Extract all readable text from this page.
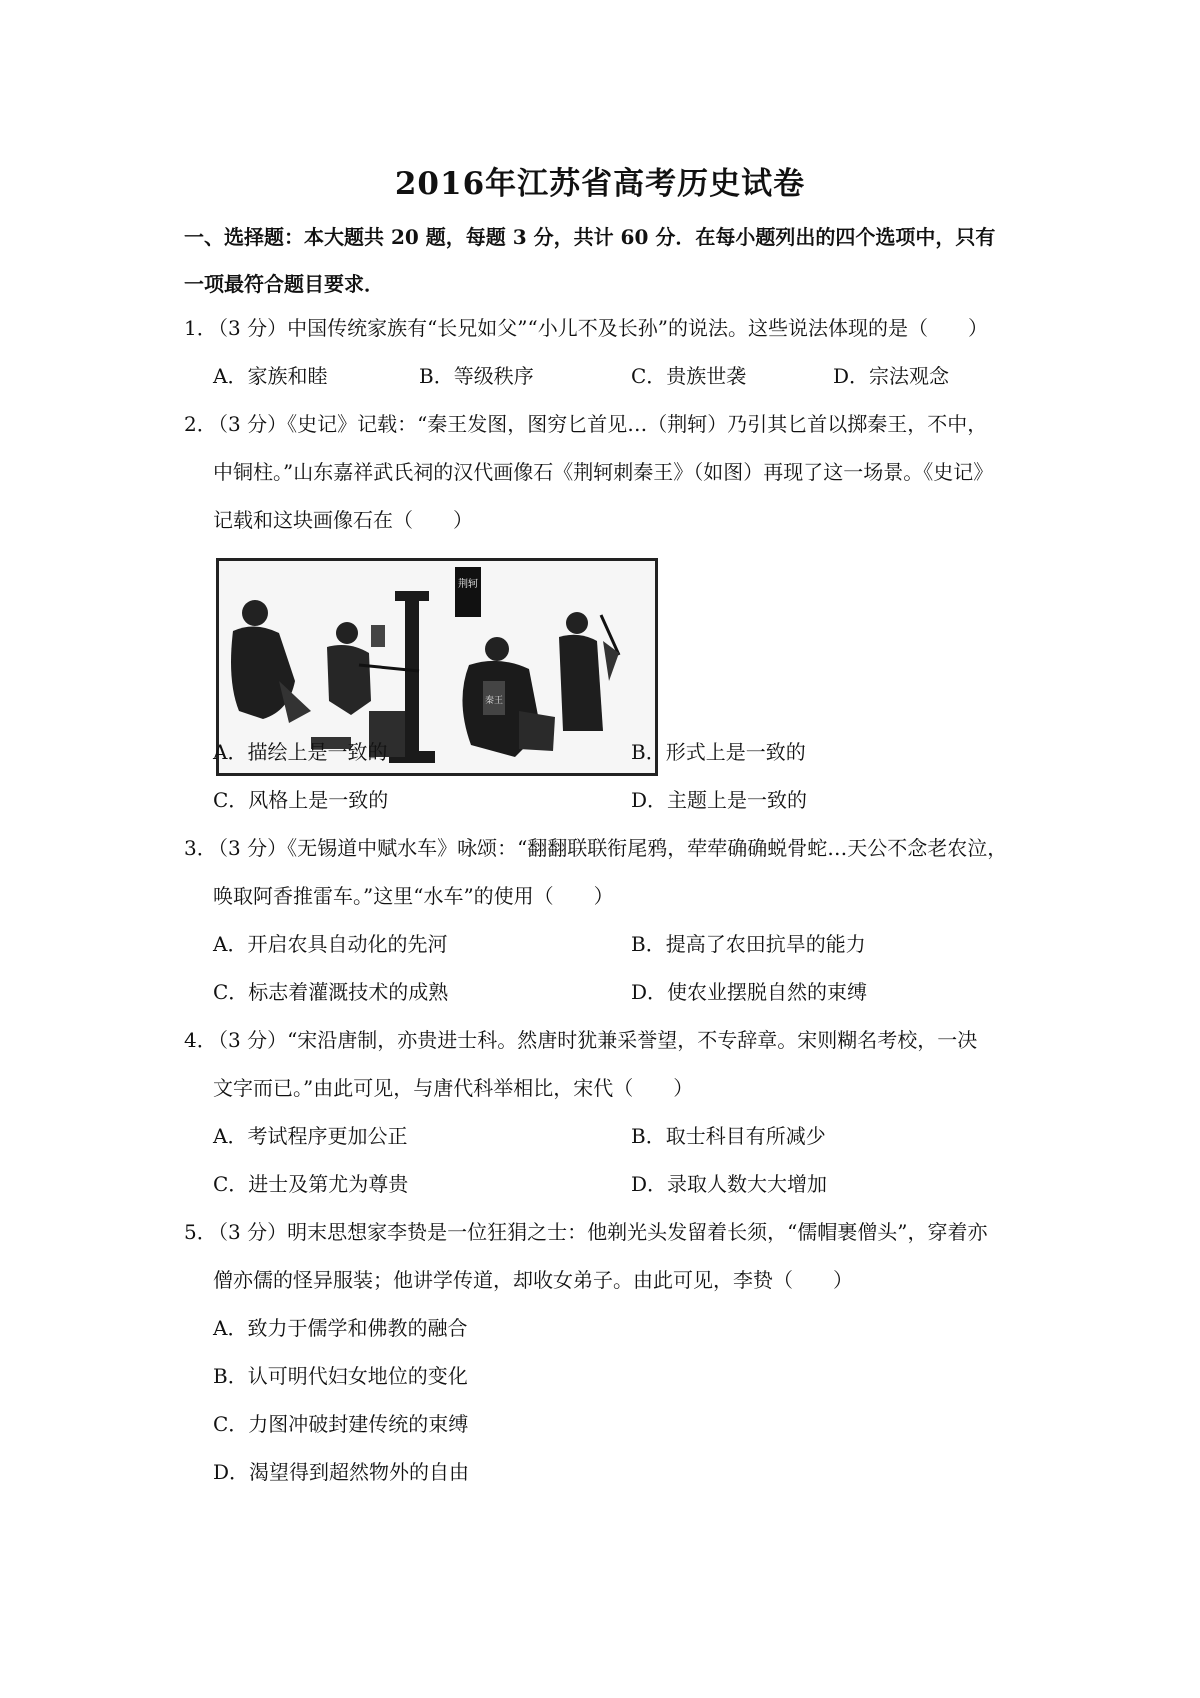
2016年江苏省高考历史试卷
一、选择题：本大题共 20 题，每题 3 分，共计 60 分．在每小题列出的四个选项中，只有
一项最符合题目要求．
1．
（3 分）中国传统家族有“长兄如父”“小儿不及长孙”的说法。这些说法体现的是（　　）
A．家族和睦	B．等级秩序	C．贵族世袭	D．宗法观念
2．
（3 分）《史记》记载：“秦王发图，图穷匕首见…（荆轲）乃引其匕首以掷秦王，不中，
中铜柱。”山东嘉祥武氏祠的汉代画像石《荆轲刺秦王》（如图）再现了这一场景。《史记》
记载和这块画像石在（　　）
荆轲
秦王
A．描绘上是一致的	B．形式上是一致的
C．风格上是一致的	D．主题上是一致的
3．
（3 分）《无锡道中赋水车》咏颂：“翻翻联联衔尾鸦，荦荦确确蜕骨蛇…天公不念老农泣，
唤取阿香推雷车。”这里“水车”的使用（　　）
A．开启农具自动化的先河	B．提高了农田抗旱的能力
C．标志着灌溉技术的成熟	D．使农业摆脱自然的束缚
4．
（3 分）“宋沿唐制，亦贵进士科。然唐时犹兼采誉望，不专辞章。宋则糊名考校，一决
文字而已。”由此可见，与唐代科举相比，宋代（　　）
A．考试程序更加公正	B．取士科目有所减少
C．进士及第尤为尊贵	D．录取人数大大增加
5．
（3 分）明末思想家李贽是一位狂狷之士：他剃光头发留着长须，“儒帽裹僧头”，穿着亦
僧亦儒的怪异服装；他讲学传道，却收女弟子。由此可见，李贽（　　）
A．致力于儒学和佛教的融合
B．认可明代妇女地位的变化
C．力图冲破封建传统的束缚
D．渴望得到超然物外的自由
